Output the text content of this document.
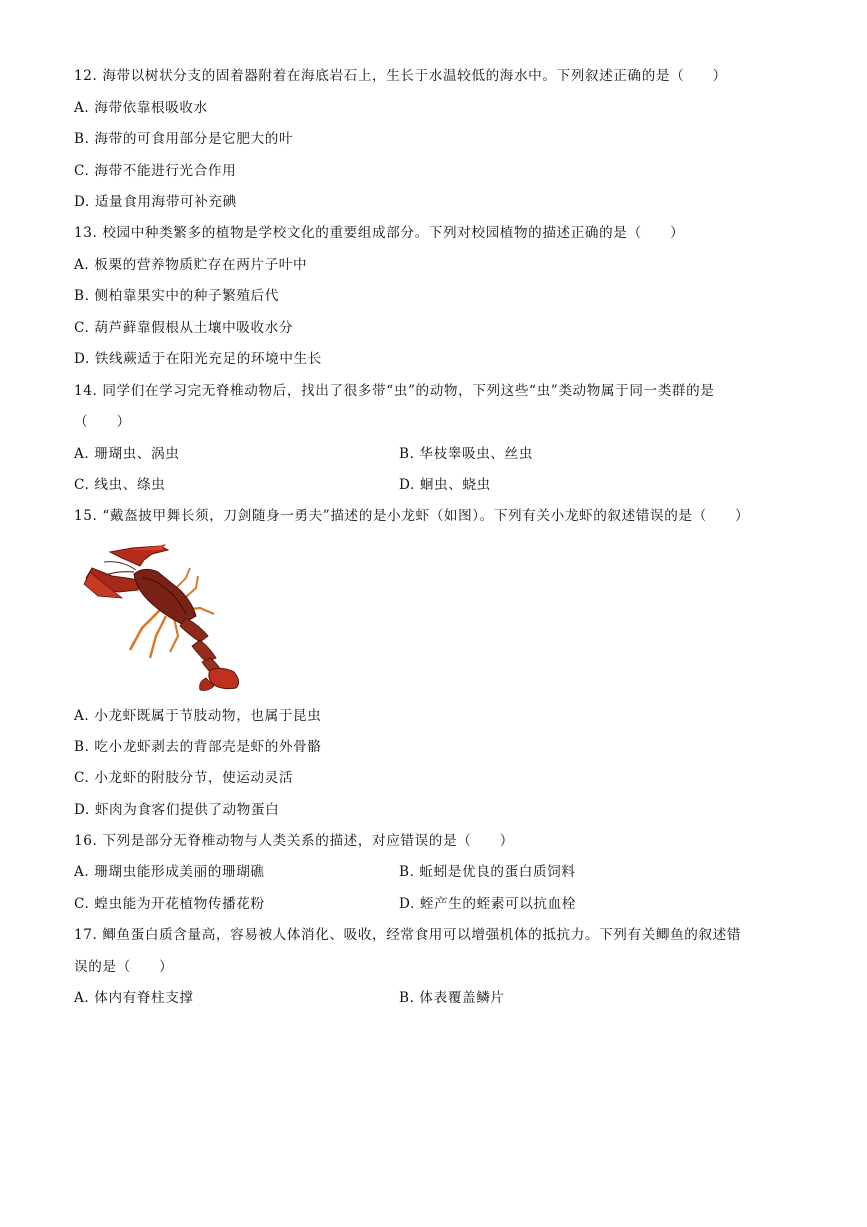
12. 海带以树状分支的固着器附着在海底岩石上，生长于水温较低的海水中。下列叙述正确的是（　　）
A. 海带依靠根吸收水
B. 海带的可食用部分是它肥大的叶
C. 海带不能进行光合作用
D. 适量食用海带可补充碘
13. 校园中种类繁多的植物是学校文化的重要组成部分。下列对校园植物的描述正确的是（　　）
A. 板栗的营养物质贮存在两片子叶中
B. 侧柏靠果实中的种子繁殖后代
C. 葫芦藓靠假根从土壤中吸收水分
D. 铁线蕨适于在阳光充足的环境中生长
14. 同学们在学习完无脊椎动物后，找出了很多带“虫”的动物，下列这些“虫”类动物属于同一类群的是
（　　）
A. 珊瑚虫、涡虫	B. 华枝睾吸虫、丝虫
C. 线虫、绦虫	D. 蛔虫、蛲虫
15. “戴盔披甲舞长须，刀剑随身一勇夫”描述的是小龙虾（如图）。下列有关小龙虾的叙述错误的是（　　）
A. 小龙虾既属于节肢动物，也属于昆虫
B. 吃小龙虾剥去的背部壳是虾的外骨骼
C. 小龙虾的附肢分节，使运动灵活
D. 虾肉为食客们提供了动物蛋白
16. 下列是部分无脊椎动物与人类关系的描述，对应错误的是（　　）
A. 珊瑚虫能形成美丽的珊瑚礁	B. 蚯蚓是优良的蛋白质饲料
C. 蝗虫能为开花植物传播花粉	D. 蛭产生的蛭素可以抗血栓
17. 鲫鱼蛋白质含量高，容易被人体消化、吸收，经常食用可以增强机体的抵抗力。下列有关鲫鱼的叙述错
误的是（　　）
A. 体内有脊柱支撑	B. 体表覆盖鳞片
